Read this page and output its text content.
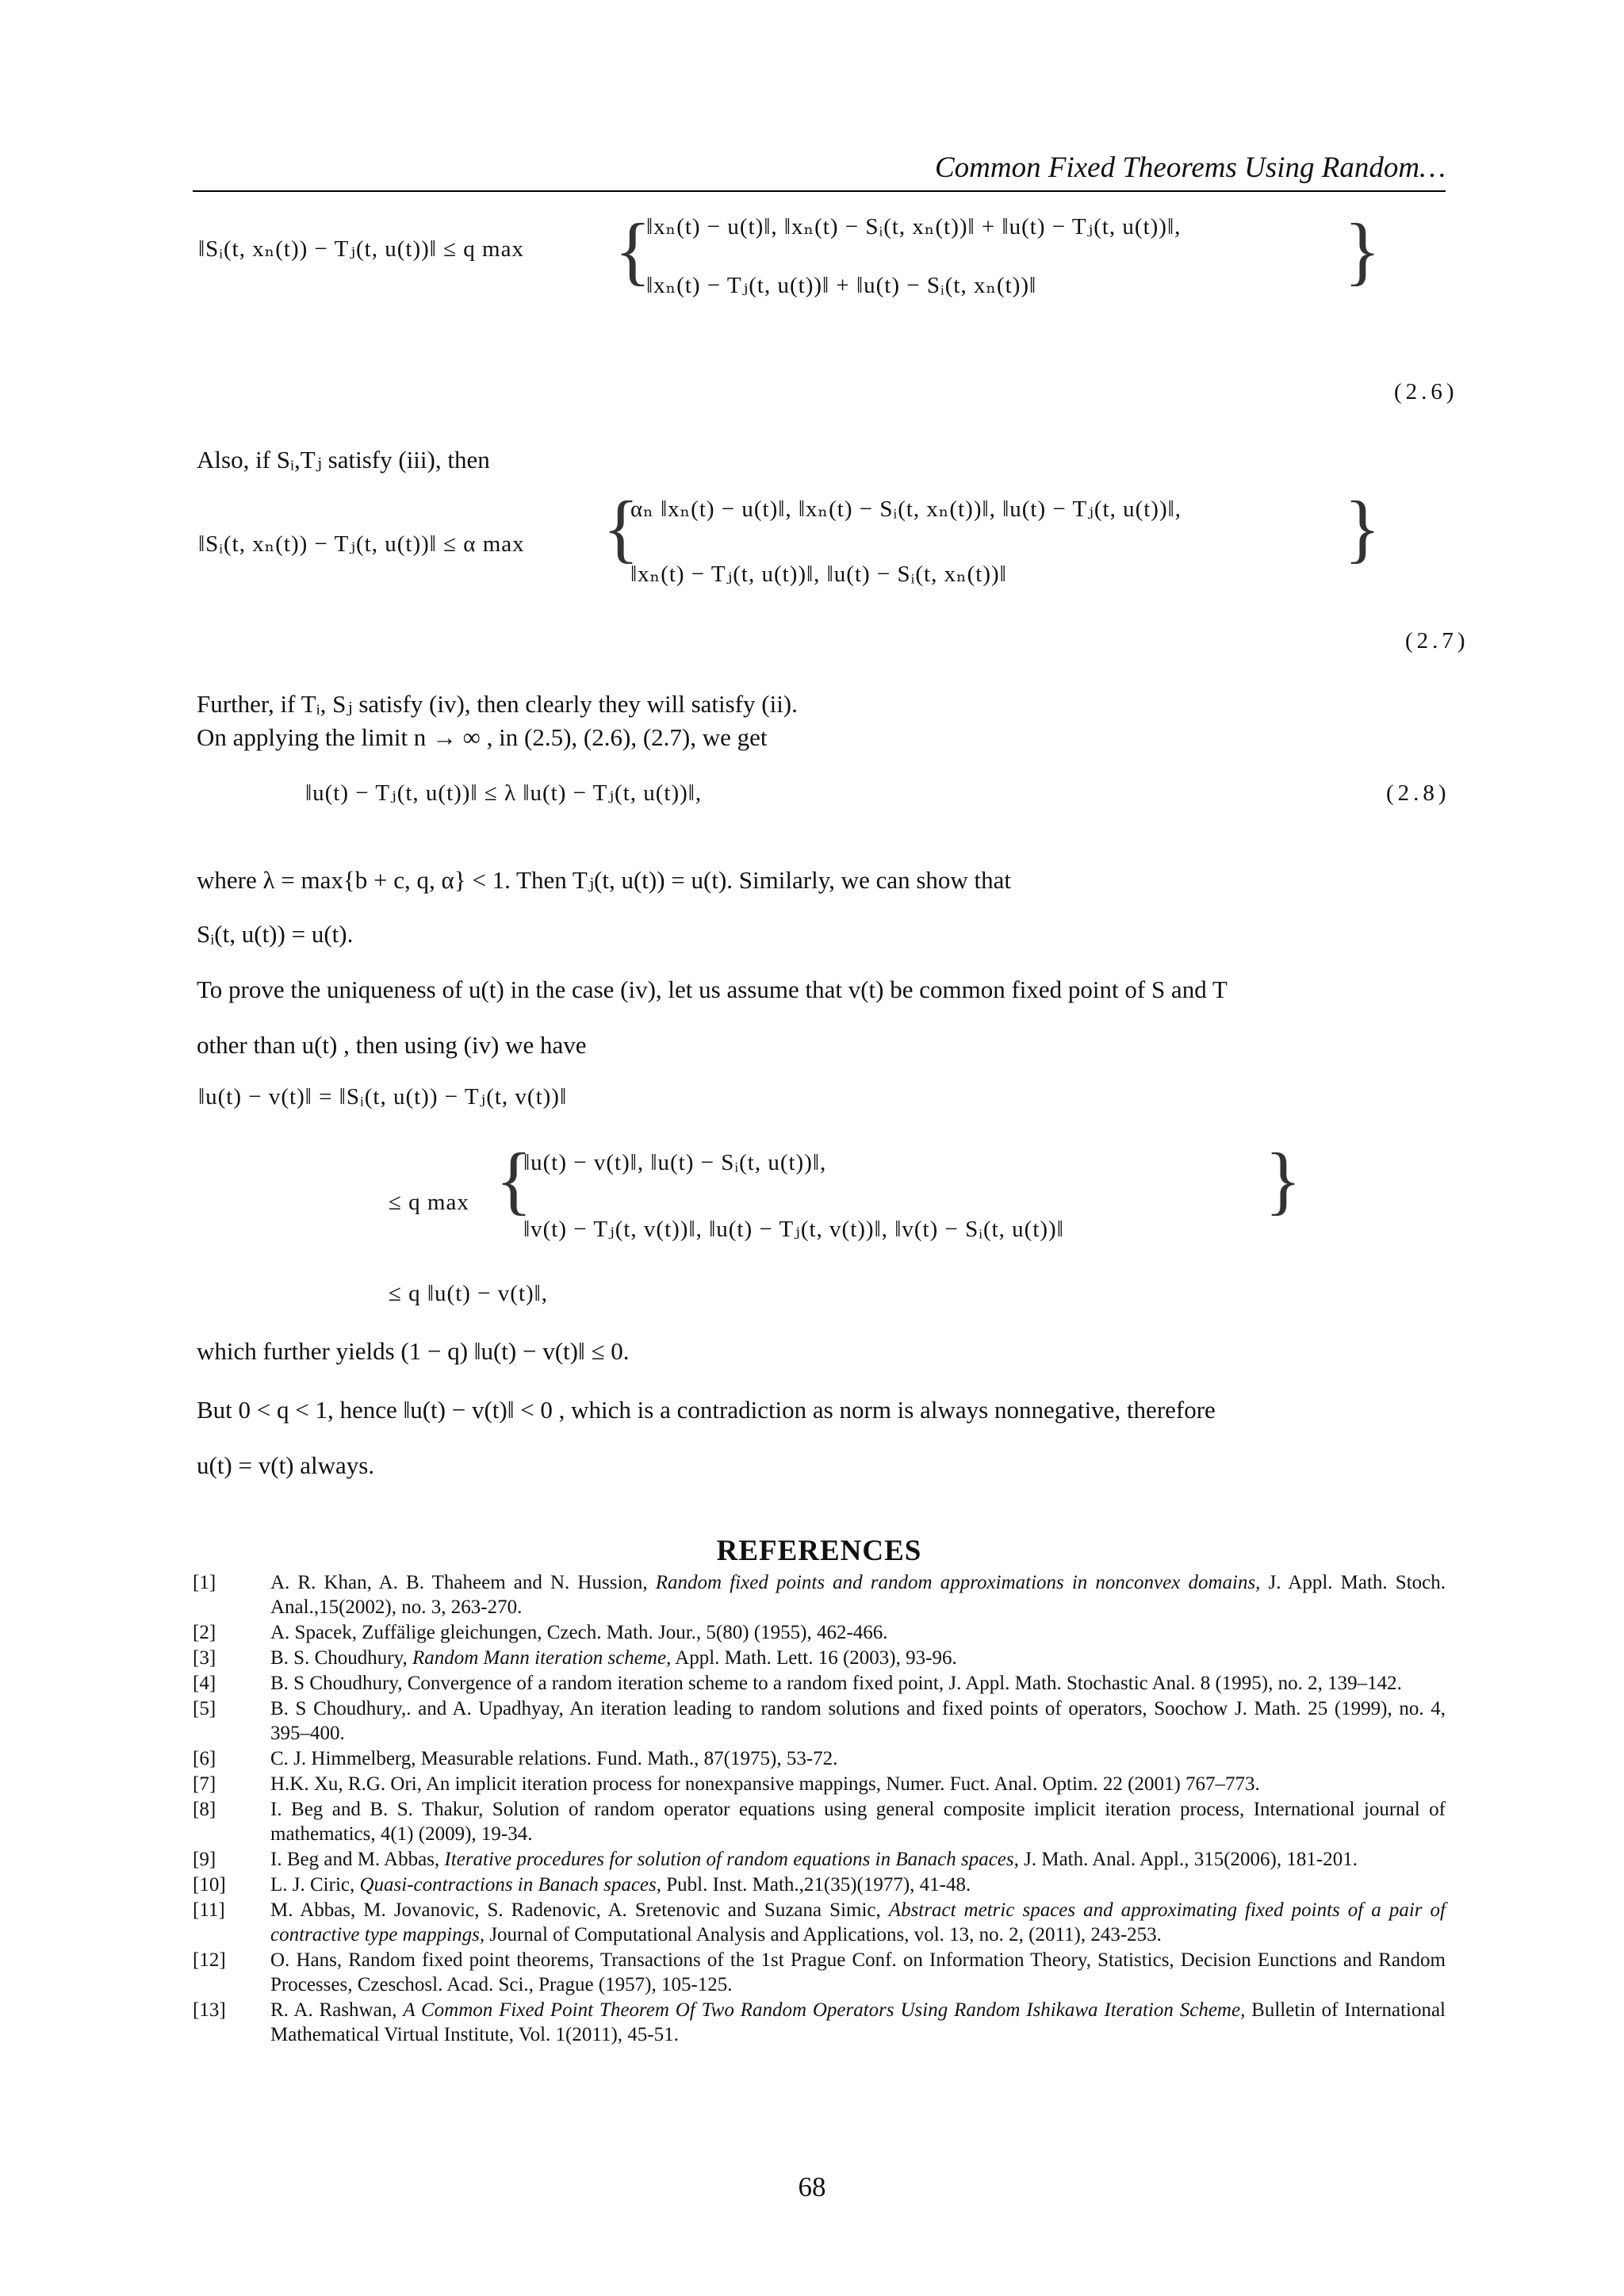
Common Fixed Theorems Using Random…
‖Sᵢ(t, xₙ(t)) − Tⱼ(t, u(t))‖ ≤ q max {
‖xₙ(t) − u(t)‖, ‖xₙ(t) − Sᵢ(t, xₙ(t))‖ + ‖u(t) − Tⱼ(t, u(t))‖,
‖xₙ(t) − Tⱼ(t, u(t))‖ + ‖u(t) − Sᵢ(t, xₙ(t))‖	}
(2.6)
Also, if Sᵢ,Tⱼ satisfy (iii), then
‖Sᵢ(t, xₙ(t)) − Tⱼ(t, u(t))‖ ≤ α max {
αₙ ‖xₙ(t) − u(t)‖, ‖xₙ(t) − Sᵢ(t, xₙ(t))‖, ‖u(t) − Tⱼ(t, u(t))‖,
‖xₙ(t) − Tⱼ(t, u(t))‖, ‖u(t) − Sᵢ(t, xₙ(t))‖
}
(2.7)
Further, if Tᵢ, Sⱼ satisfy (iv), then clearly they will satisfy (ii).
On applying the limit n → ∞ , in (2.5), (2.6), (2.7), we get
‖u(t) − Tⱼ(t, u(t))‖ ≤ λ ‖u(t) − Tⱼ(t, u(t))‖,	(2.8)
where λ = max{b + c, q, α} < 1. Then Tⱼ(t, u(t)) = u(t). Similarly, we can show that
Sᵢ(t, u(t)) = u(t).
To prove the uniqueness of u(t) in the case (iv), let us assume that v(t) be common fixed point of S and T
other than u(t) , then using (iv) we have
‖u(t) − v(t)‖ = ‖Sᵢ(t, u(t)) − Tⱼ(t, v(t))‖
≤ q max {
‖u(t) − v(t)‖, ‖u(t) − Sᵢ(t, u(t))‖,
‖v(t) − Tⱼ(t, v(t))‖, ‖u(t) − Tⱼ(t, v(t))‖, ‖v(t) − Sᵢ(t, u(t))‖
}
≤ q ‖u(t) − v(t)‖,
which further yields (1 − q) ‖u(t) − v(t)‖ ≤ 0.
But 0 < q < 1, hence ‖u(t) − v(t)‖ < 0 , which is a contradiction as norm is always nonnegative, therefore
u(t) = v(t) always.
REFERENCES
[1]	A. R. Khan, A. B. Thaheem and N. Hussion, Random fixed points and random approximations in nonconvex domains, J. Appl. Math. Stoch. Anal.,15(2002), no. 3, 263-270.
[2]	A. Spacek, Zuffälige gleichungen, Czech. Math. Jour., 5(80) (1955), 462-466.
[3]	B. S. Choudhury, Random Mann iteration scheme, Appl. Math. Lett. 16 (2003), 93-96.
[4]	B. S Choudhury, Convergence of a random iteration scheme to a random fixed point, J. Appl. Math. Stochastic Anal. 8 (1995), no. 2, 139–142.
[5]	B. S Choudhury,. and A. Upadhyay, An iteration leading to random solutions and fixed points of operators, Soochow J. Math. 25 (1999), no. 4, 395–400.
[6]	C. J. Himmelberg, Measurable relations. Fund. Math., 87(1975), 53-72.
[7]	H.K. Xu, R.G. Ori, An implicit iteration process for nonexpansive mappings, Numer. Fuct. Anal. Optim. 22 (2001) 767–773.
[8]	I. Beg and B. S. Thakur, Solution of random operator equations using general composite implicit iteration process, International journal of mathematics, 4(1) (2009), 19-34.
[9]	I. Beg and M. Abbas, Iterative procedures for solution of random equations in Banach spaces, J. Math. Anal. Appl., 315(2006), 181-201.
[10]	L. J. Ciric, Quasi-contractions in Banach spaces, Publ. Inst. Math.,21(35)(1977), 41-48.
[11]	M. Abbas, M. Jovanovic, S. Radenovic, A. Sretenovic and Suzana Simic, Abstract metric spaces and approximating fixed points of a pair of contractive type mappings, Journal of Computational Analysis and Applications, vol. 13, no. 2, (2011), 243-253.
[12]	O. Hans, Random fixed point theorems, Transactions of the 1st Prague Conf. on Information Theory, Statistics, Decision Eunctions and Random Processes, Czeschosl. Acad. Sci., Prague (1957), 105-125.
[13]	R. A. Rashwan, A Common Fixed Point Theorem Of Two Random Operators Using Random Ishikawa Iteration Scheme, Bulletin of International Mathematical Virtual Institute, Vol. 1(2011), 45-51.
68
